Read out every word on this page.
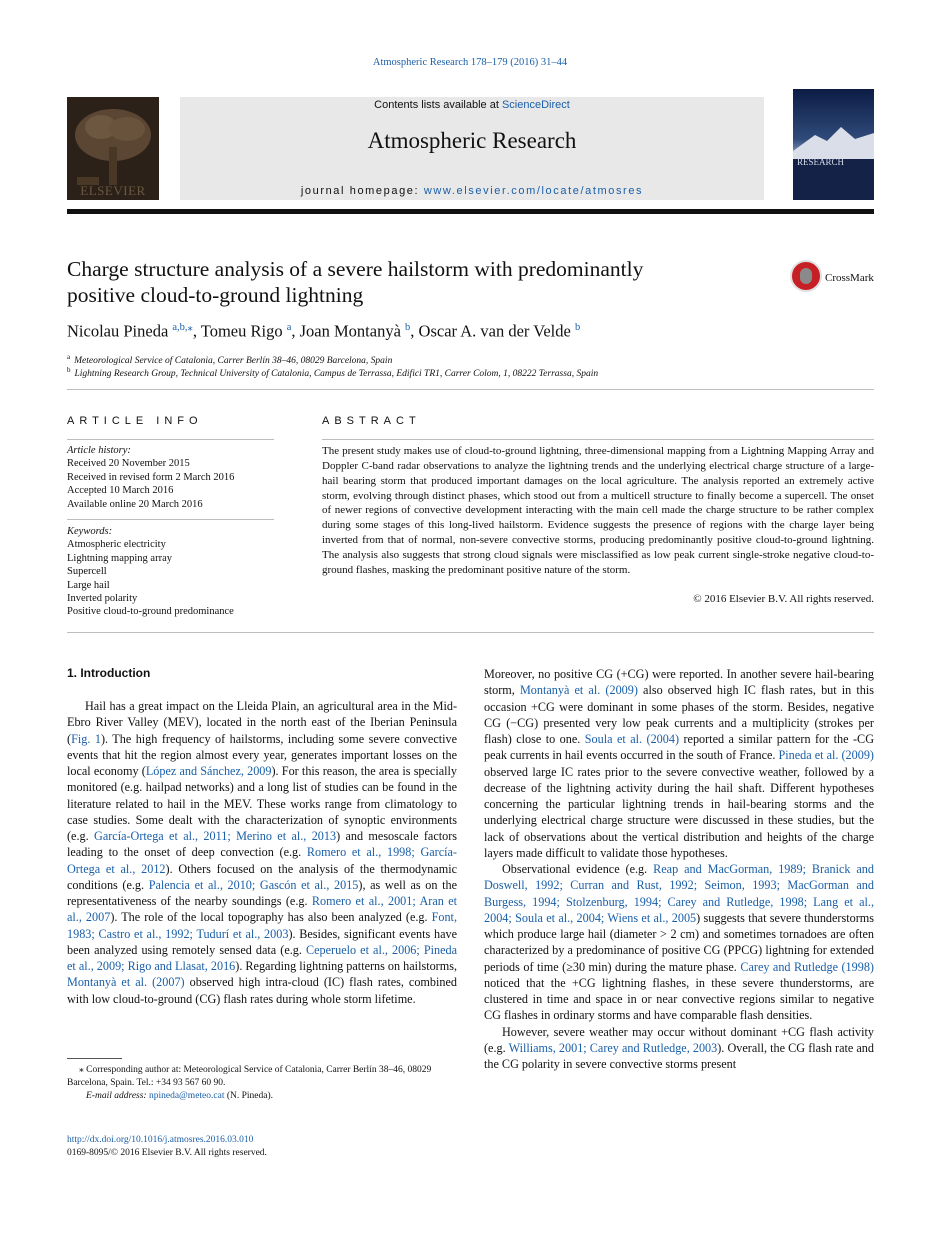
Atmospheric Research 178–179 (2016) 31–44
ELSEVIER
Contents lists available at ScienceDirect
Atmospheric Research
journal homepage: www.elsevier.com/locate/atmosres
ATMOSPHERIC RESEARCH
Charge structure analysis of a severe hailstorm with predominantly
positive cloud-to-ground lightning
CrossMark
Nicolau Pineda $^{a,b,⁎}$, Tomeu Rigo $^a$, Joan Montanyà $^b$, Oscar A. van der Velde $^b$
$^a$ Meteorological Service of Catalonia, Carrer Berlín 38–46, 08029 Barcelona, Spain
$^b$ Lightning Research Group, Technical University of Catalonia, Campus de Terrassa, Edifici TR1, Carrer Colom, 1, 08222 Terrassa, Spain
ARTICLE INFO
Article history:
Received 20 November 2015
Received in revised form 2 March 2016
Accepted 10 March 2016
Available online 20 March 2016
Keywords:
Atmospheric electricity
Lightning mapping array
Supercell
Large hail
Inverted polarity
Positive cloud-to-ground predominance
ABSTRACT
The present study makes use of cloud-to-ground lightning, three-dimensional mapping from a Lightning Mapping Array and Doppler C-band radar observations to analyze the lightning trends and the underlying electrical charge structure of a large-hail bearing storm that produced important damages on the local agriculture. The analysis reported an extremely active storm, evolving through distinct phases, which stood out from a multicell structure to finally become a supercell. The onset of newer regions of convective development interacting with the main cell made the charge structure to be rather complex during some stages of this long-lived hailstorm. Evidence suggests the presence of regions with the charge layer being inverted from that of normal, non-severe convective storms, producing predominantly positive cloud-to-ground lightning. The analysis also suggests that strong cloud signals were misclassified as low peak current single-stroke negative cloud-to-ground flashes, masking the predominant positive nature of the storm.
© 2016 Elsevier B.V. All rights reserved.
1. Introduction

Hail has a great impact on the Lleida Plain, an agricultural area in the Mid-Ebro River Valley (MEV), located in the north east of the Iberian Peninsula (Fig. 1). The high frequency of hailstorms, including some severe convective events that hit the region almost every year, generates important losses on the local economy (López and Sánchez, 2009). For this reason, the area is specially monitored (e.g. hailpad networks) and a long list of studies can be found in the literature related to hail in the MEV. These works range from climatology to case studies. Some dealt with the characterization of synoptic environments (e.g. García-Ortega et al., 2011; Merino et al., 2013) and mesoscale factors leading to the onset of deep convection (e.g. Romero et al., 1998; García-Ortega et al., 2012). Others focused on the analysis of the thermodynamic conditions (e.g. Palencia et al., 2010; Gascón et al., 2015), as well as on the representativeness of the nearby soundings (e.g. Romero et al., 2001; Aran et al., 2007). The role of the local topography has also been analyzed (e.g. Font, 1983; Castro et al., 1992; Tudurí et al., 2003). Besides, significant events have been analyzed using remotely sensed data (e.g. Ceperuelo et al., 2006; Pineda et al., 2009; Rigo and Llasat, 2016). Regarding lightning patterns on hailstorms, Montanyà et al. (2007) observed high intra-cloud (IC) flash rates, combined with low cloud-to-ground (CG) flash rates during whole storm lifetime.

Moreover, no positive CG (+CG) were reported. In another severe hail-bearing storm, Montanyà et al. (2009) also observed high IC flash rates, but in this occasion +CG were dominant in some phases of the storm. Besides, negative CG (−CG) presented very low peak currents and a multiplicity (strokes per flash) close to one. Soula et al. (2004) reported a similar pattern for the -CG peak currents in hail events occurred in the south of France. Pineda et al. (2009) observed large IC rates prior to the severe convective weather, followed by a decrease of the lightning activity during the hail shaft. Different hypotheses concerning the particular lightning trends in hail-bearing storms and the underlying electrical charge structure were discussed in these studies, but the lack of observations about the vertical distribution and heights of the charge layers made difficult to validate those hypotheses.

Observational evidence (e.g. Reap and MacGorman, 1989; Branick and Doswell, 1992; Curran and Rust, 1992; Seimon, 1993; MacGorman and Burgess, 1994; Stolzenburg, 1994; Carey and Rutledge, 1998; Lang et al., 2004; Soula et al., 2004; Wiens et al., 2005) suggests that severe thunderstorms which produce large hail (diameter > 2 cm) and sometimes tornadoes are often characterized by a predominance of positive CG (PPCG) lightning for extended periods of time (≥30 min) during the mature phase. Carey and Rutledge (1998) noticed that the +CG lightning flashes, in these severe thunderstorms, are clustered in time and space in or near convective regions similar to negative CG flashes in ordinary storms and have comparable flash densities.

However, severe weather may occur without dominant +CG flash activity (e.g. Williams, 2001; Carey and Rutledge, 2003). Overall, the CG flash rate and the CG polarity in severe convective storms present

⁎ Corresponding author at: Meteorological Service of Catalonia, Carrer Berlín 38–46, 08029 Barcelona, Spain. Tel.: +34 93 567 60 90.
E-mail address: npineda@meteo.cat (N. Pineda).
http://dx.doi.org/10.1016/j.atmosres.2016.03.010
0169-8095/© 2016 Elsevier B.V. All rights reserved.
